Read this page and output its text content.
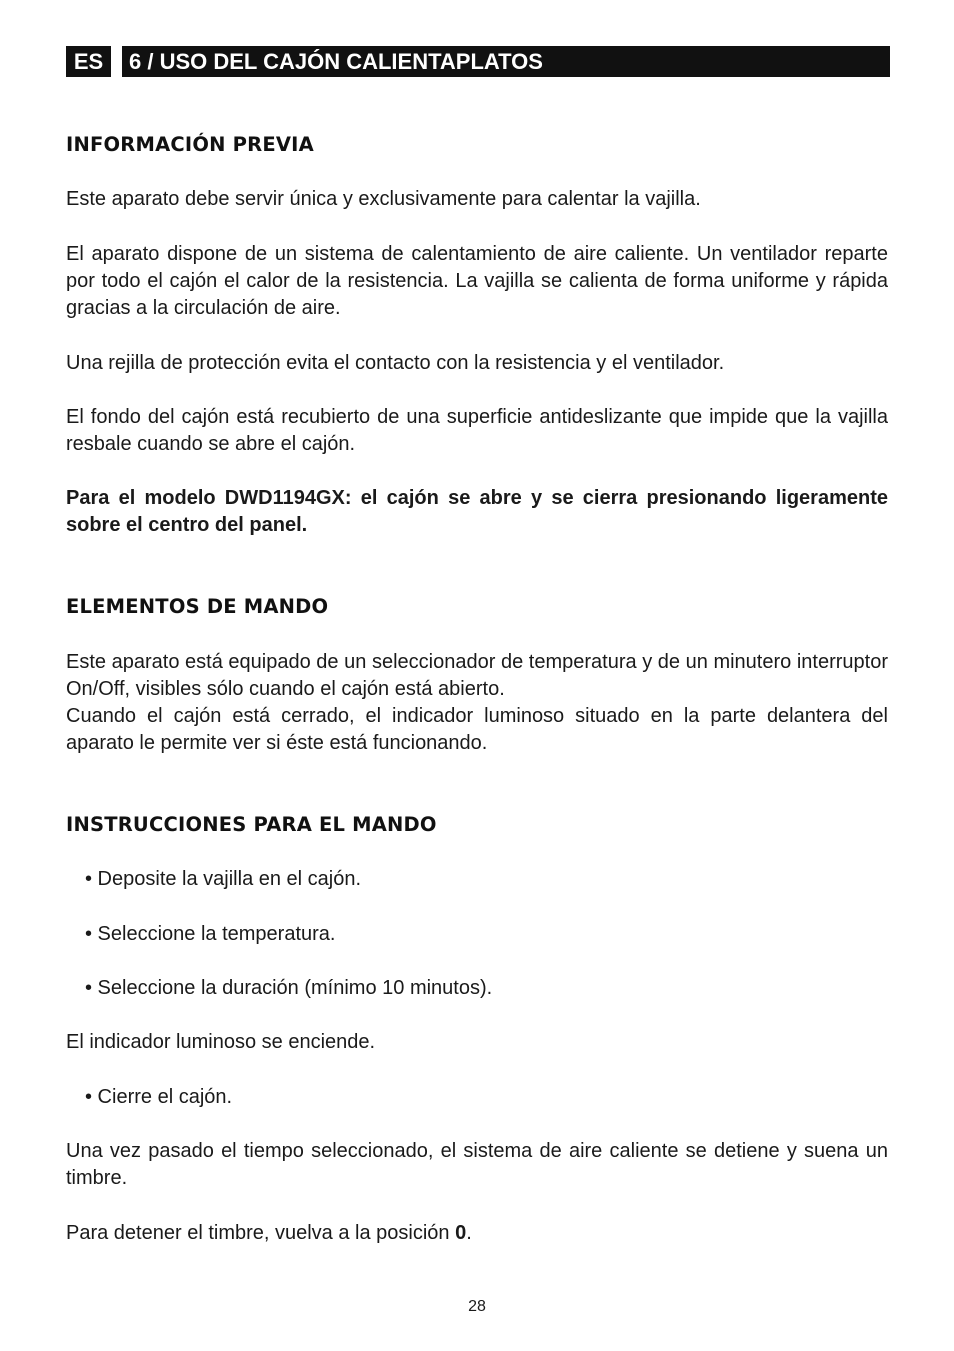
ES	6 / USO DEL CAJÓN CALIENTAPLATOS
INFORMACIÓN PREVIA
Este aparato debe servir única y exclusivamente para calentar la vajilla.
El aparato dispone de un sistema de calentamiento de aire caliente. Un ventilador reparte por todo el cajón el calor de la resistencia. La vajilla se calienta de forma uniforme y rápida gracias a la circulación de aire.
Una rejilla de protección evita el contacto con la resistencia y el ventilador.
El fondo del cajón está recubierto de una superficie antideslizante que impide que la vajilla resbale cuando se abre el cajón.
Para el modelo DWD1194GX: el cajón se abre y se cierra presionando ligeramente sobre el centro del panel.
ELEMENTOS DE MANDO
Este aparato está equipado de un seleccionador de temperatura y de un minutero interruptor On/Off, visibles sólo cuando el cajón está abierto.
Cuando el cajón está cerrado, el indicador luminoso situado en la parte delantera del aparato le permite ver si éste está funcionando.
INSTRUCCIONES PARA EL MANDO
• Deposite la vajilla en el cajón.
• Seleccione la temperatura.
• Seleccione la duración (mínimo 10 minutos).
El indicador luminoso se enciende.
• Cierre el cajón.
Una vez pasado el tiempo seleccionado, el sistema de aire caliente se detiene y suena un timbre.
Para detener el timbre, vuelva a la posición 0.
28
